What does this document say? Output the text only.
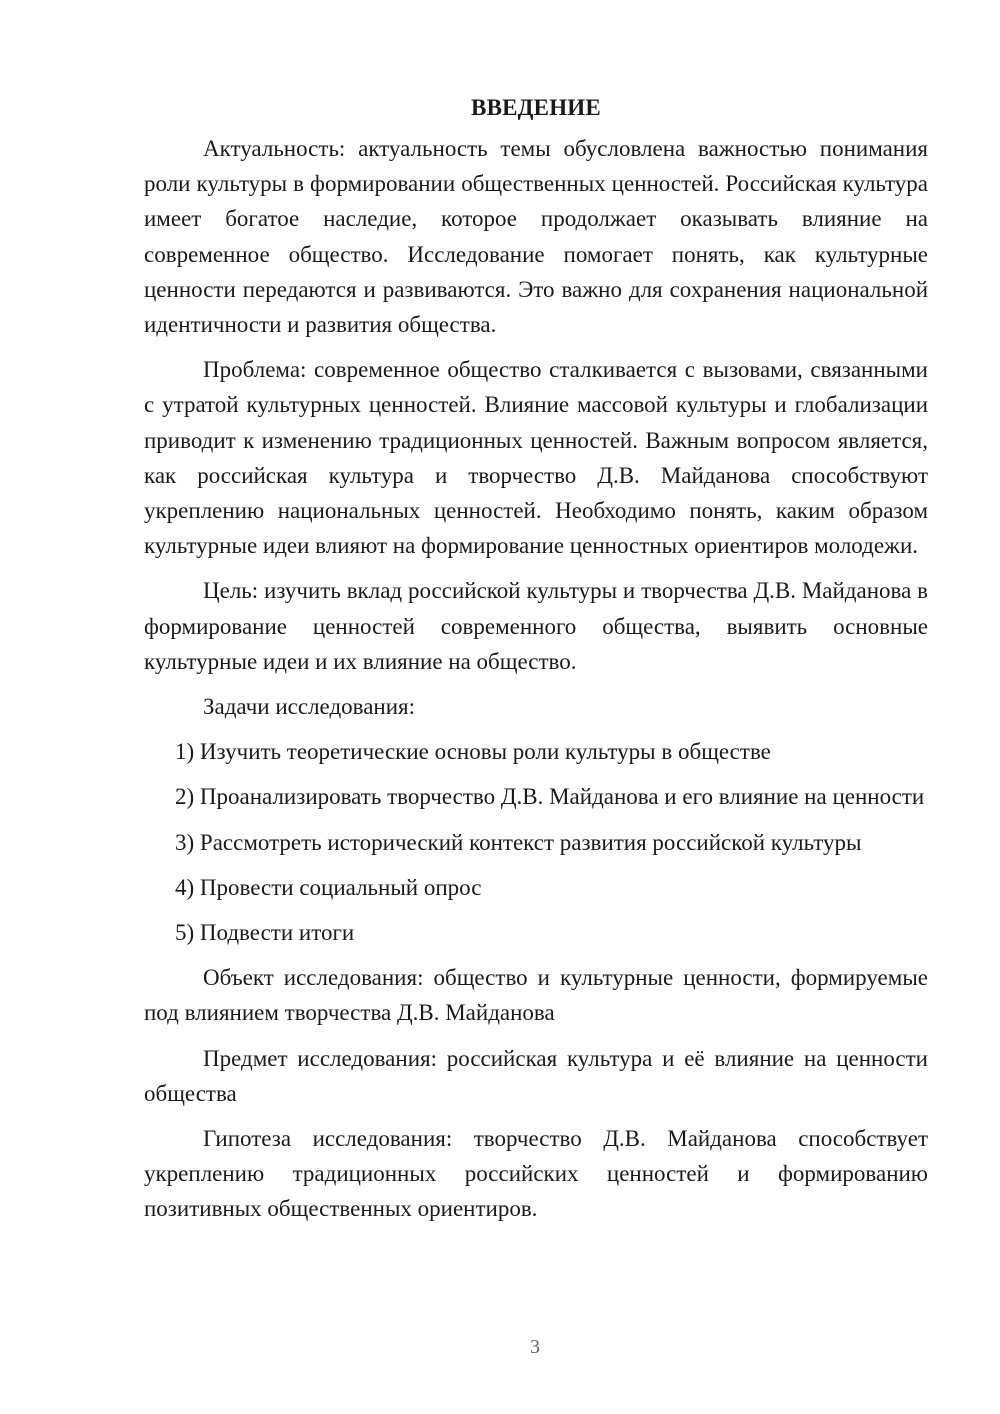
ВВЕДЕНИЕ

Актуальность: актуальность темы обусловлена важностью понимания роли культуры в формировании общественных ценностей. Российская культура имеет богатое наследие, которое продолжает оказывать влияние на современное общество. Исследование помогает понять, как культурные ценности передаются и развиваются. Это важно для сохранения национальной идентичности и развития общества.

Проблема: современное общество сталкивается с вызовами, связанными с утратой культурных ценностей. Влияние массовой культуры и глобализации приводит к изменению традиционных ценностей. Важным вопросом является, как российская культура и творчество Д.В. Майданова способствуют укреплению национальных ценностей. Необходимо понять, каким образом культурные идеи влияют на формирование ценностных ориентиров молодежи.

Цель: изучить вклад российской культуры и творчества Д.В. Майданова в формирование ценностей современного общества, выявить основные культурные идеи и их влияние на общество.

Задачи исследования:

1) Изучить теоретические основы роли культуры в обществе

2) Проанализировать творчество Д.В. Майданова и его влияние на ценности

3) Рассмотреть исторический контекст развития российской культуры

4) Провести социальный опрос

5) Подвести итоги

Объект исследования: общество и культурные ценности, формируемые под влиянием творчества Д.В. Майданова

Предмет исследования: российская культура и её влияние на ценности общества

Гипотеза исследования: творчество Д.В. Майданова способствует укреплению традиционных российских ценностей и формированию позитивных общественных ориентиров.

3
